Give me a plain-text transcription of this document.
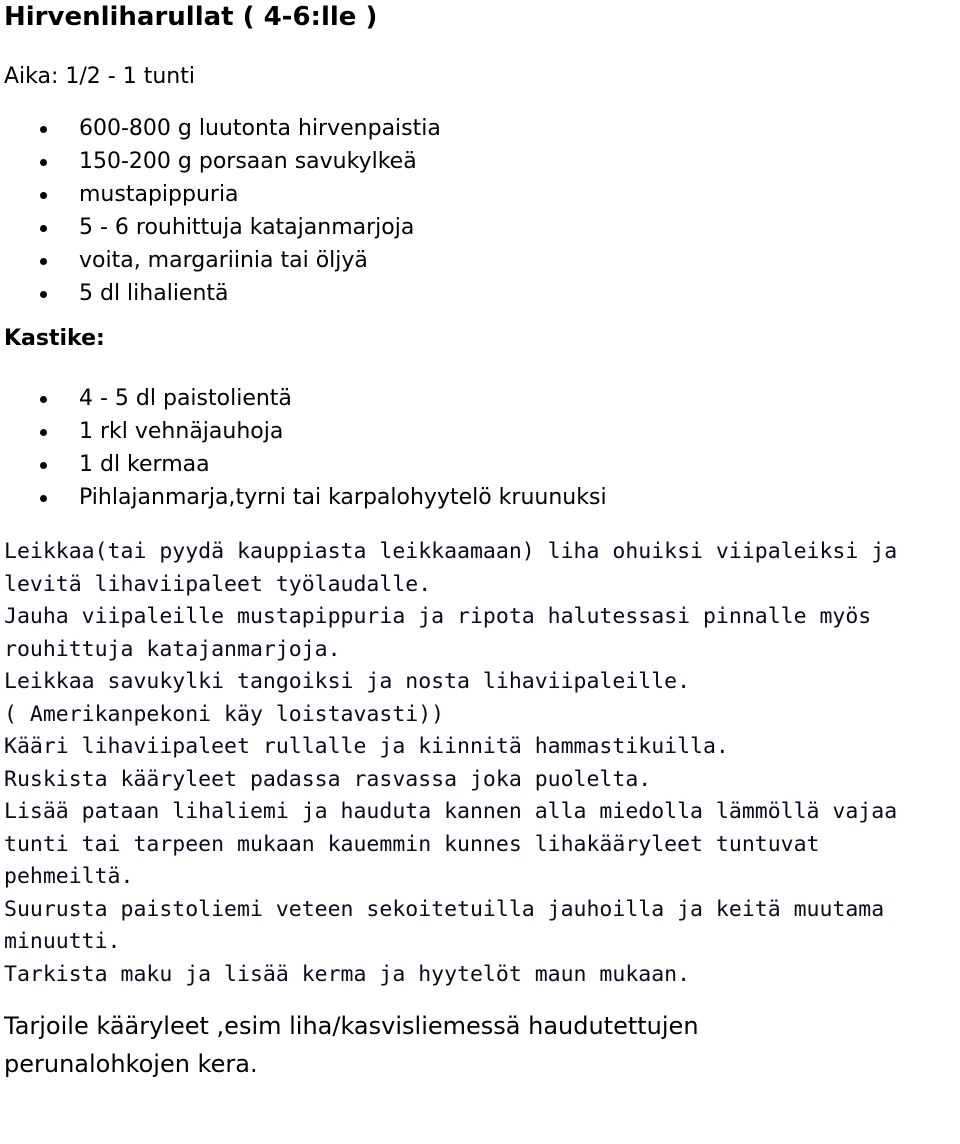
Hirvenliharullat ( 4-6:lle )

Aika: 1/2 - 1 tunti

600-800 g luutonta hirvenpaistia
150-200 g porsaan savukylkeä
mustapippuria
5 - 6 rouhittuja katajanmarjoja
voita, margariinia tai öljyä
5 dl lihalientä

Kastike:

4 - 5 dl paistolientä
1 rkl vehnäjauhoja
1 dl kermaa
Pihlajanmarja,tyrni tai karpalohyytelö kruunuksi

Leikkaa(tai pyydä kauppiasta leikkaamaan) liha ohuiksi viipaleiksi ja

levitä lihaviipaleet työlaudalle.

Jauha viipaleille mustapippuria ja ripota halutessasi pinnalle myös

rouhittuja katajanmarjoja.

Leikkaa savukylki tangoiksi ja nosta lihaviipaleille.

( Amerikanpekoni käy loistavasti))

Kääri lihaviipaleet rullalle ja kiinnitä hammastikuilla.

Ruskista kääryleet padassa rasvassa joka puolelta.

Lisää pataan lihaliemi ja hauduta kannen alla miedolla lämmöllä vajaa

tunti tai tarpeen mukaan kauemmin kunnes lihakääryleet tuntuvat

pehmeiltä.

Suurusta paistoliemi veteen sekoitetuilla jauhoilla ja keitä muutama

minuutti.

Tarkista maku ja lisää kerma ja hyytelöt maun mukaan.

Tarjoile kääryleet ,esim liha/kasvisliemessä haudutettujen

perunalohkojen kera.
